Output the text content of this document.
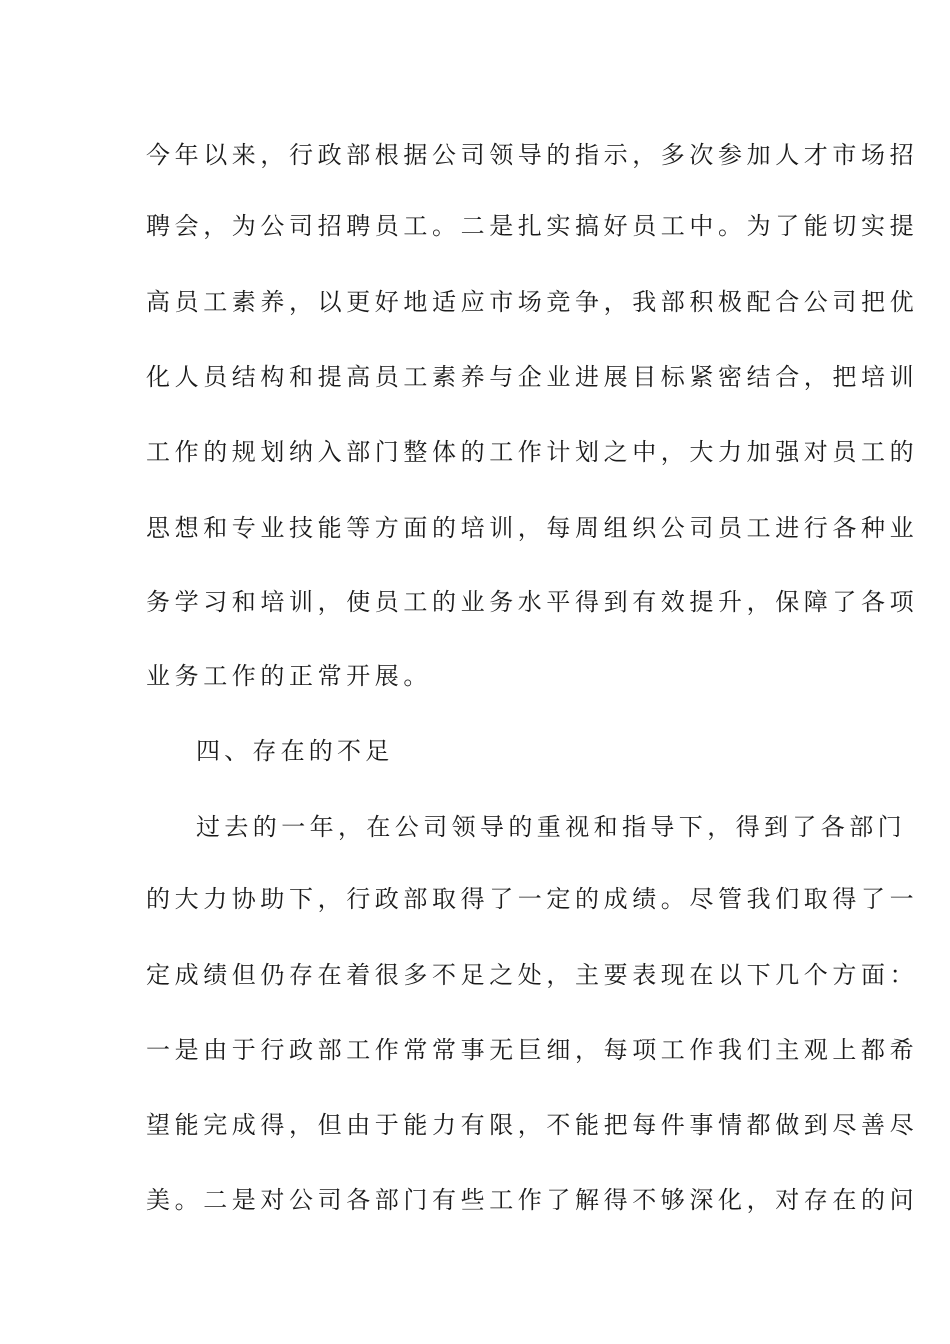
今年以来，行政部根据公司领导的指示，多次参加人才市场招
聘会，为公司招聘员工。二是扎实搞好员工中。为了能切实提
高员工素养，以更好地适应市场竞争，我部积极配合公司把优
化人员结构和提高员工素养与企业进展目标紧密结合，把培训
工作的规划纳入部门整体的工作计划之中，大力加强对员工的
思想和专业技能等方面的培训，每周组织公司员工进行各种业
务学习和培训，使员工的业务水平得到有效提升，保障了各项
业务工作的正常开展。
四、存在的不足
过去的一年，在公司领导的重视和指导下，得到了各部门
的大力协助下，行政部取得了一定的成绩。尽管我们取得了一
定成绩但仍存在着很多不足之处，主要表现在以下几个方面：
一是由于行政部工作常常事无巨细，每项工作我们主观上都希
望能完成得，但由于能力有限，不能把每件事情都做到尽善尽
美。二是对公司各部门有些工作了解得不够深化，对存在的问
